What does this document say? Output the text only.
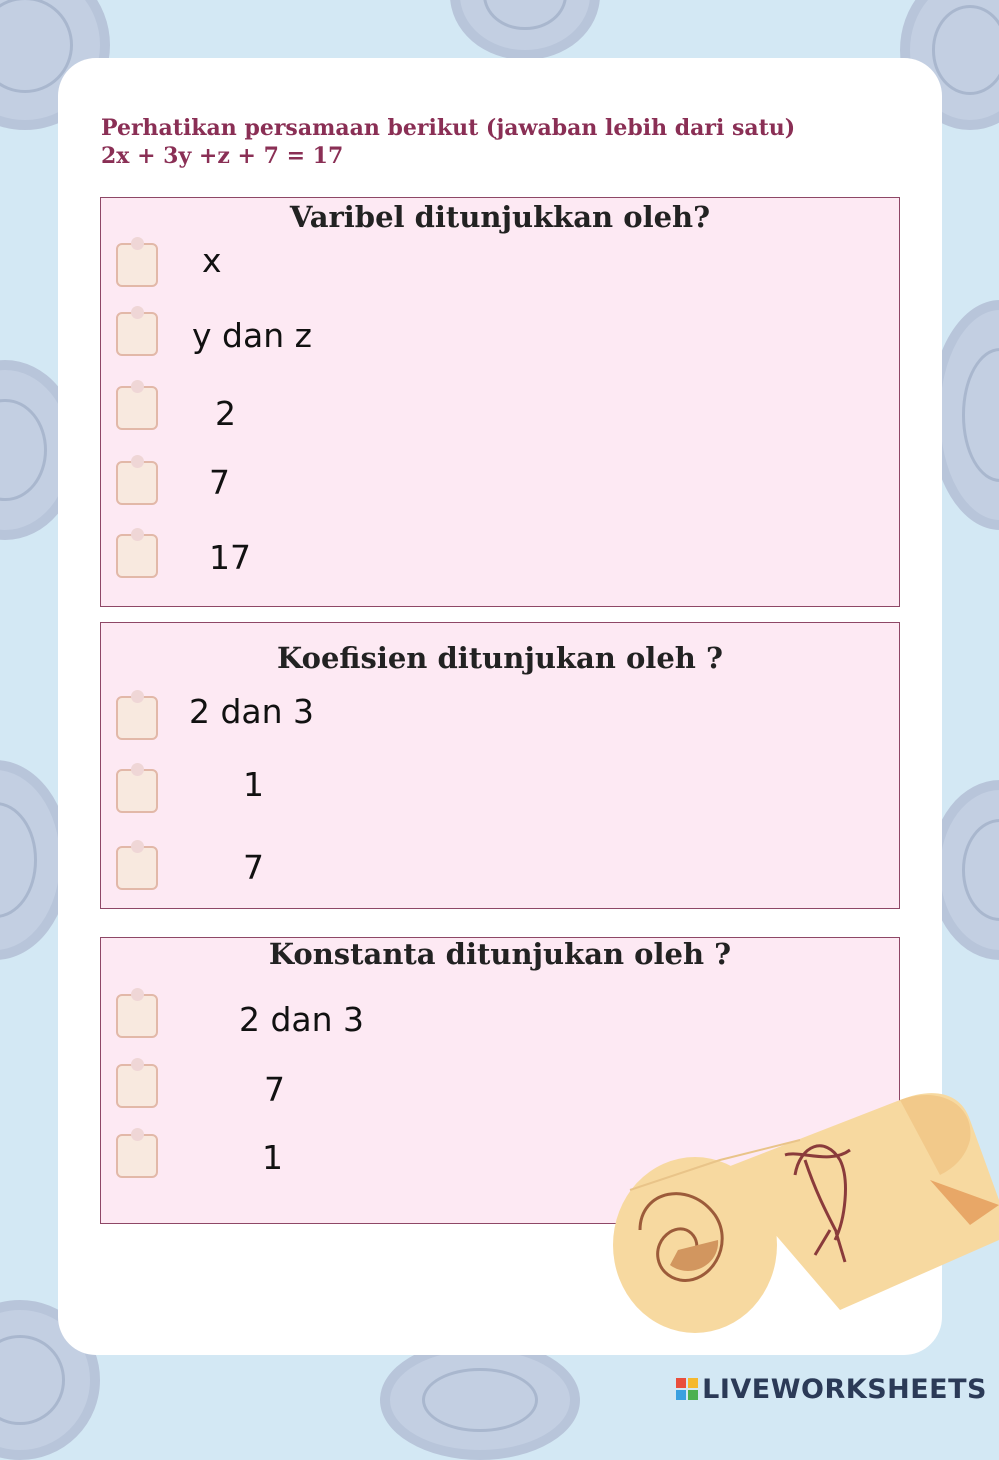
Perhatikan persamaan berikut (jawaban lebih dari satu)
2x + 3y +z + 7 = 17
Varibel ditunjukkan oleh?
x
y dan z
2
7
17
Koefisien ditunjukan oleh ?
2 dan 3
1
7
Konstanta ditunjukan oleh ?
2 dan 3
7
1
LIVEWORKSHEETS
